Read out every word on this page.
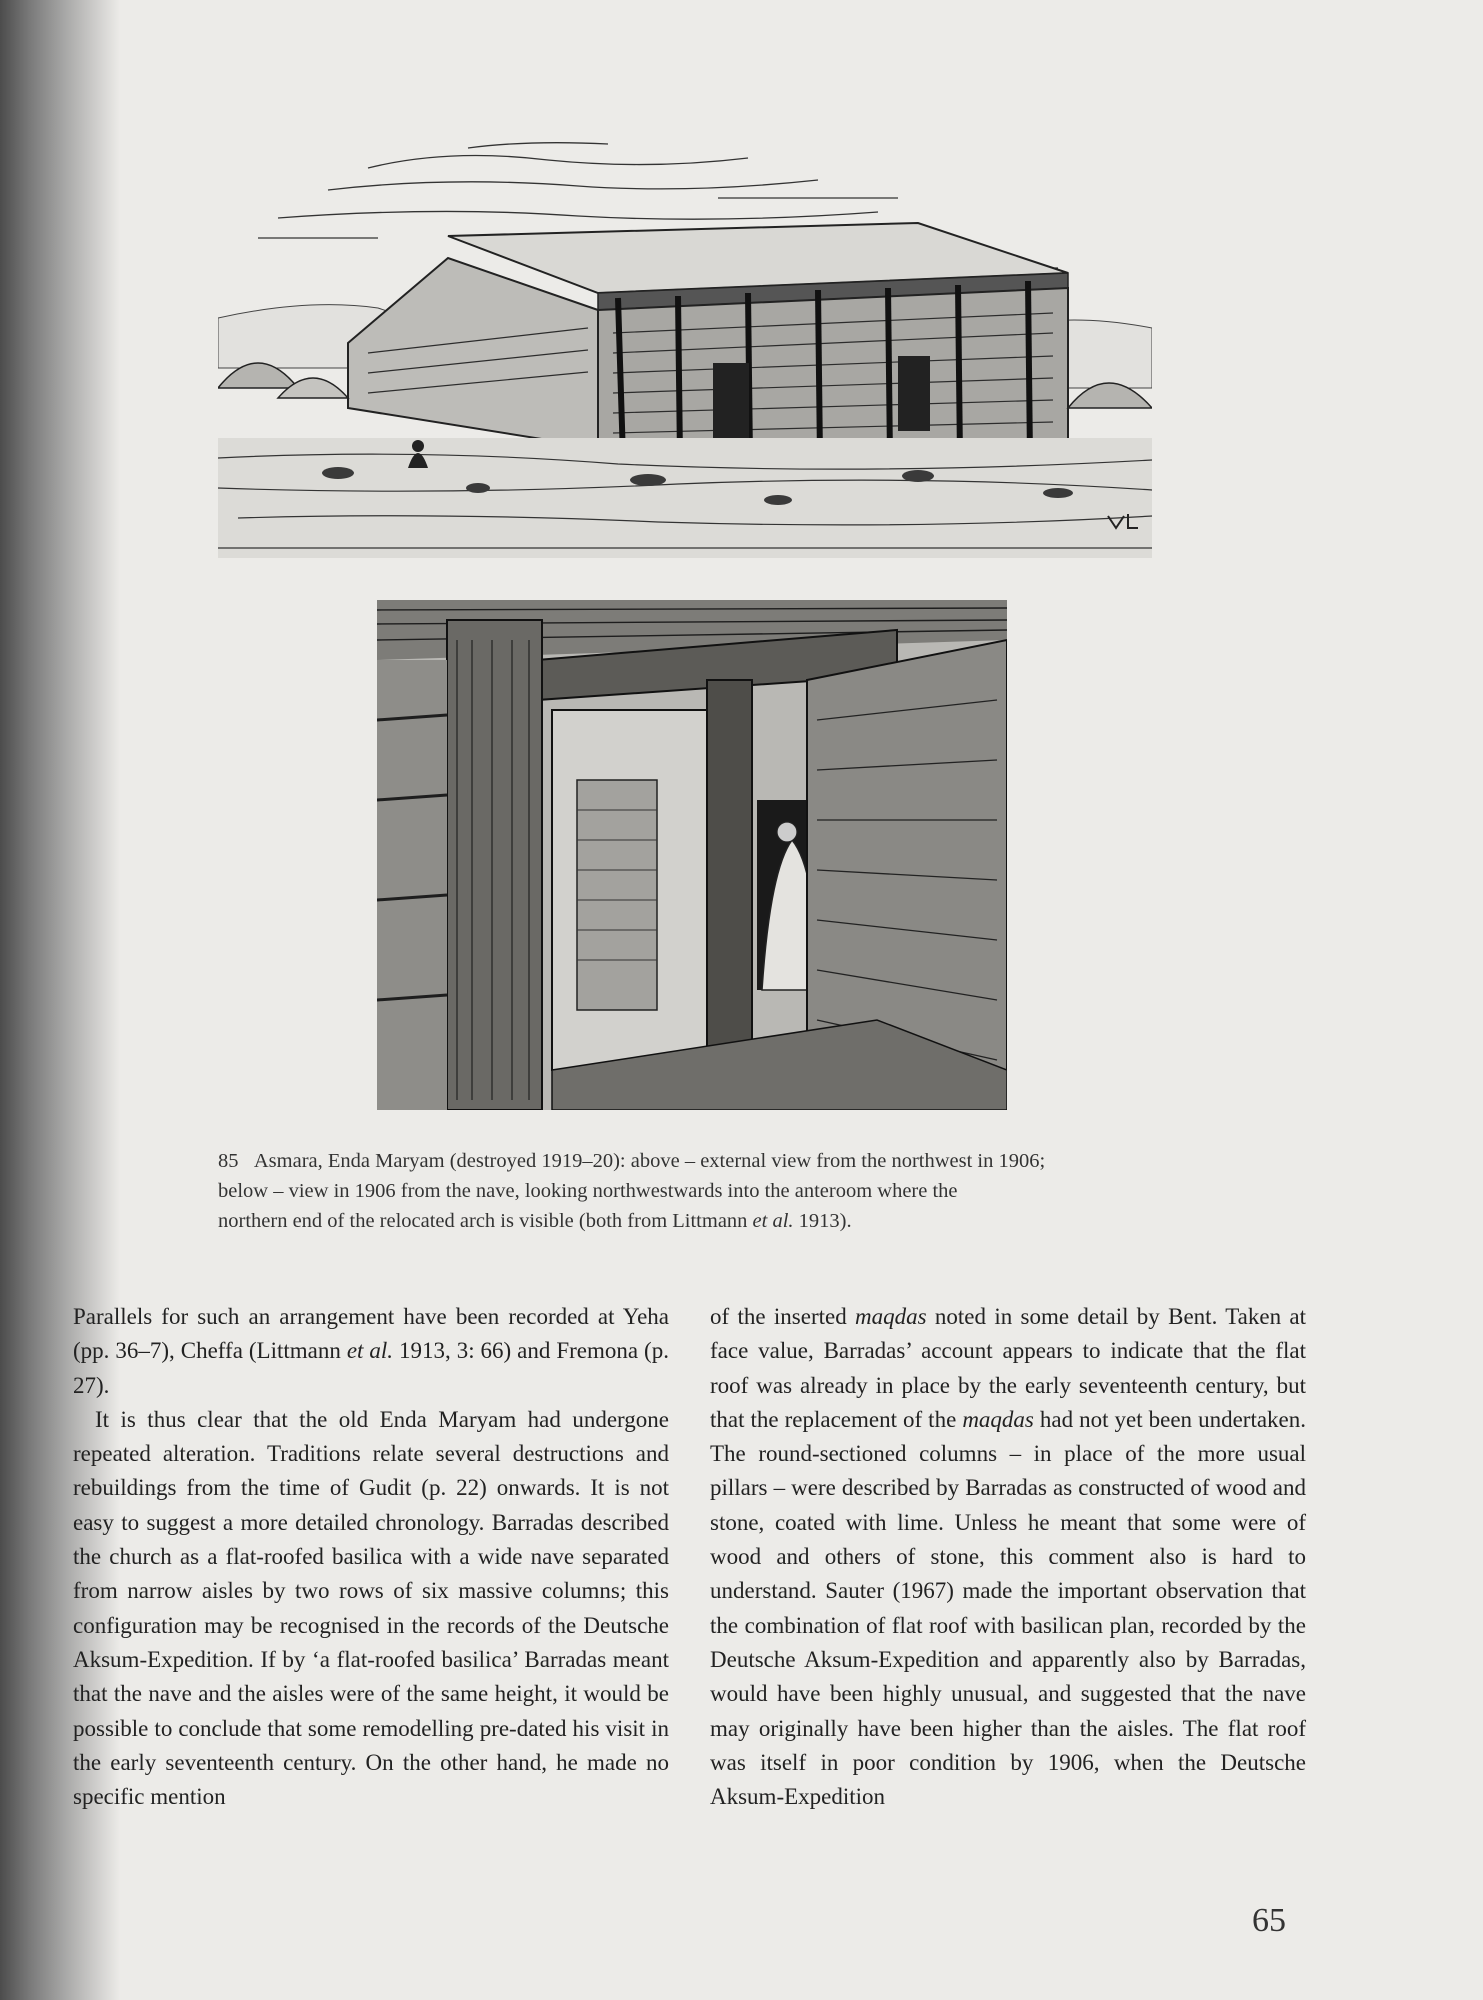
85 Asmara, Enda Maryam (destroyed 1919–20): above – external view from the northwest in 1906;

below – view in 1906 from the nave, looking northwestwards into the anteroom where the

northern end of the relocated arch is visible (both from Littmann et al. 1913).

Parallels for such an arrangement have been recorded at Yeha (pp. 36–7), Cheffa (Littmann et al. 1913, 3: 66) and Fremona (p. 27).

It is thus clear that the old Enda Maryam had undergone repeated alteration. Traditions relate several destructions and rebuildings from the time of Gudit (p. 22) onwards. It is not easy to suggest a more detailed chronology. Barradas described the church as a flat-roofed basilica with a wide nave separated from narrow aisles by two rows of six massive columns; this configuration may be recognised in the records of the Deutsche Aksum-Expedition. If by ‘a flat-roofed basilica’ Barradas meant that the nave and the aisles were of the same height, it would be possible to conclude that some remodelling pre-dated his visit in the early seventeenth century. On the other hand, he made no specific mention

of the inserted maqdas noted in some detail by Bent. Taken at face value, Barradas’ account appears to indicate that the flat roof was already in place by the early seventeenth century, but that the replacement of the maqdas had not yet been undertaken. The round-sectioned columns – in place of the more usual pillars – were described by Barradas as constructed of wood and stone, coated with lime. Unless he meant that some were of wood and others of stone, this comment also is hard to understand. Sauter (1967) made the important observation that the combination of flat roof with basilican plan, recorded by the Deutsche Aksum-Expedition and apparently also by Barradas, would have been highly unusual, and suggested that the nave may originally have been higher than the aisles. The flat roof was itself in poor condition by 1906, when the Deutsche Aksum-Expedition

65
